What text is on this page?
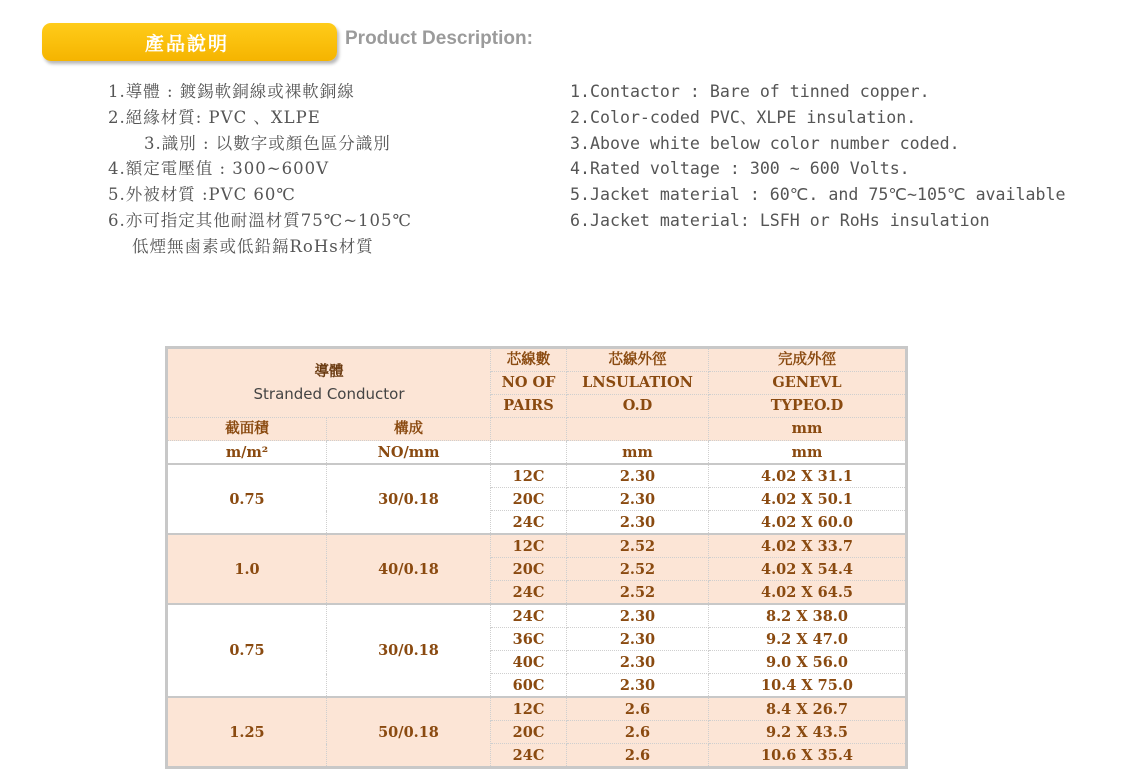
產品說明	Product Description:
1.導體 : 鍍錫軟銅線或裸軟銅線
2.絕緣材質: PVC 、XLPE
3.識別 : 以數字或顏色區分識別
4.額定電壓值 : 300~600V
5.外被材質 :PVC 60℃
6.亦可指定其他耐溫材質75℃~105℃
低煙無鹵素或低鉛鎘RoHs材質
1.Contactor : Bare of tinned copper.
2.Color-coded PVC、XLPE insulation.
3.Above white below color number coded.
4.Rated voltage : 300 ~ 600 Volts.
5.Jacket material : 60℃. and 75℃~105℃ available
6.Jacket material: LSFH or RoHs insulation
導體
Stranded Conductor		芯線數	芯線外徑	完成外徑
		NO OF	LNSULATION	GENEVL
		PAIRS	O.D	TYPEO.D
截面積	構成			mm
m/m²	NO/mm		mm	mm
0.75	30/0.18	12C	2.30	4.02 X 31.1
		20C	2.30	4.02 X 50.1
		24C	2.30	4.02 X 60.0
1.0	40/0.18	12C	2.52	4.02 X 33.7
		20C	2.52	4.02 X 54.4
		24C	2.52	4.02 X 64.5
0.75	30/0.18	24C	2.30	8.2 X 38.0
		36C	2.30	9.2 X 47.0
		40C	2.30	9.0 X 56.0
		60C	2.30	10.4 X 75.0
1.25	50/0.18	12C	2.6	8.4 X 26.7
		20C	2.6	9.2 X 43.5
		24C	2.6	10.6 X 35.4
